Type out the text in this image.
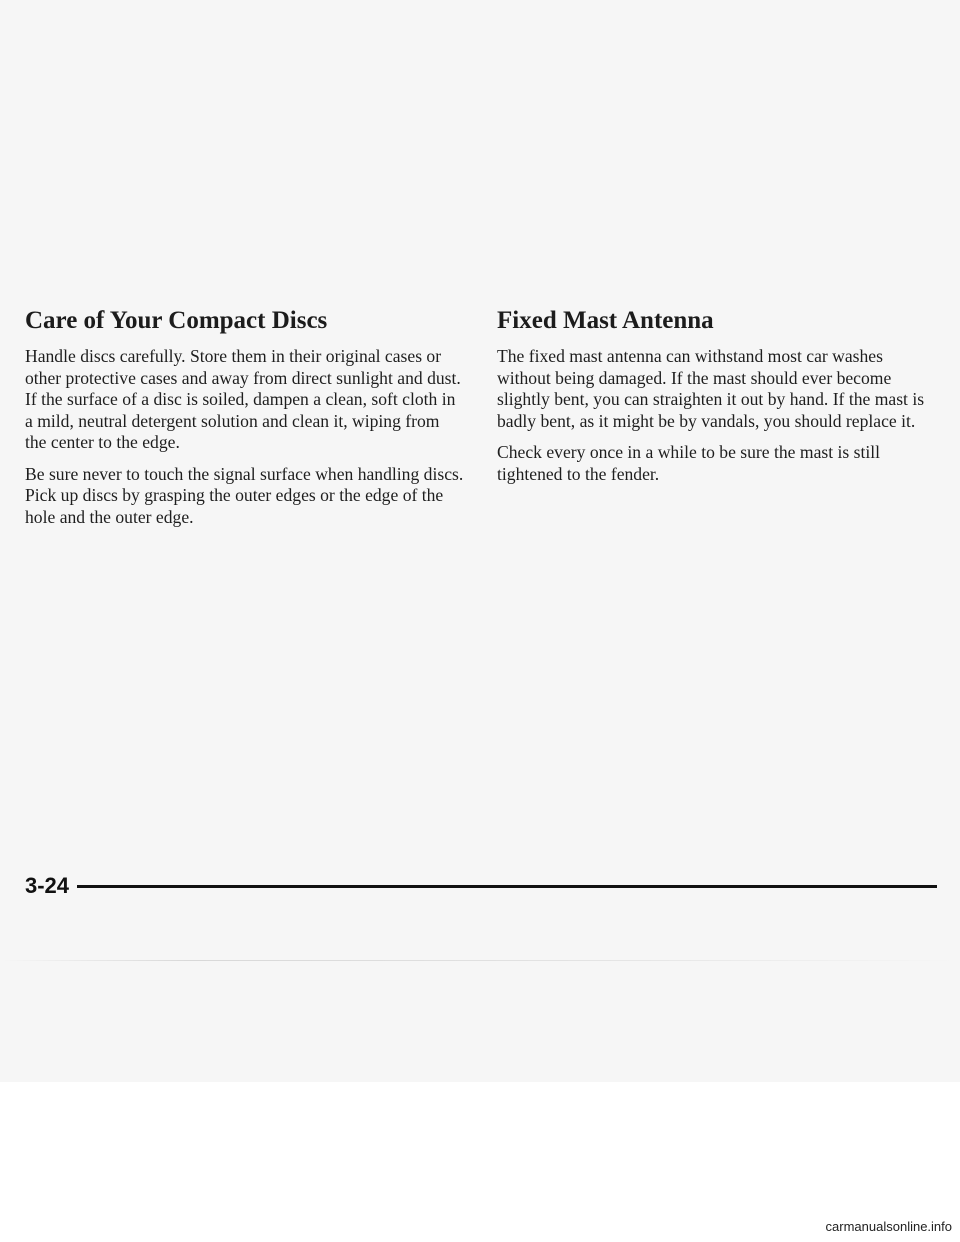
Care of Your Compact Discs

Handle discs carefully. Store them in their original cases or other protective cases and away from direct sunlight and dust. If the surface of a disc is soiled, dampen a clean, soft cloth in a mild, neutral detergent solution and clean it, wiping from the center to the edge.

Be sure never to touch the signal surface when handling discs. Pick up discs by grasping the outer edges or the edge of the hole and the outer edge.

Fixed Mast Antenna

The fixed mast antenna can withstand most car washes without being damaged. If the mast should ever become slightly bent, you can straighten it out by hand. If the mast is badly bent, as it might be by vandals, you should replace it.

Check every once in a while to be sure the mast is still tightened to the fender.

3-24
carmanualsonline.info
